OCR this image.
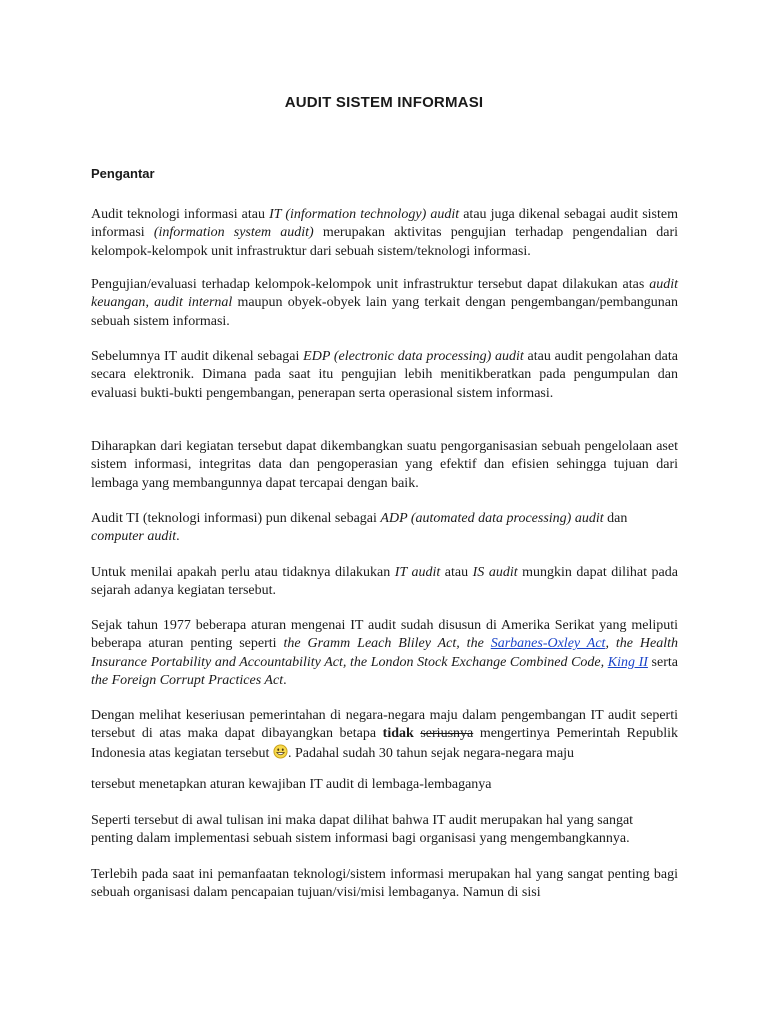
AUDIT SISTEM INFORMASI
Pengantar

Audit teknologi informasi atau IT (information technology) audit atau juga dikenal sebagai audit sistem informasi (information system audit) merupakan aktivitas pengujian terhadap pengendalian dari kelompok-kelompok unit infrastruktur dari sebuah sistem/teknologi informasi.

Pengujian/evaluasi terhadap kelompok-kelompok unit infrastruktur tersebut dapat dilakukan atas audit keuangan, audit internal maupun obyek-obyek lain yang terkait dengan pengembangan/pembangunan sebuah sistem informasi.

Sebelumnya IT audit dikenal sebagai EDP (electronic data processing) audit atau audit pengolahan data secara elektronik. Dimana pada saat itu pengujian lebih menitikberatkan pada pengumpulan dan evaluasi bukti-bukti pengembangan, penerapan serta operasional sistem informasi.

Diharapkan dari kegiatan tersebut dapat dikembangkan suatu pengorganisasian sebuah pengelolaan aset sistem informasi, integritas data dan pengoperasian yang efektif dan efisien sehingga tujuan dari lembaga yang membangunnya dapat tercapai dengan baik.

Audit TI (teknologi informasi) pun dikenal sebagai ADP (automated data processing) audit dan computer audit.

Untuk menilai apakah perlu atau tidaknya dilakukan IT audit atau IS audit mungkin dapat dilihat pada sejarah adanya kegiatan tersebut.

Sejak tahun 1977 beberapa aturan mengenai IT audit sudah disusun di Amerika Serikat yang meliputi beberapa aturan penting seperti the Gramm Leach Bliley Act, the Sarbanes-Oxley Act, the Health Insurance Portability and Accountability Act, the London Stock Exchange Combined Code, King II serta the Foreign Corrupt Practices Act.

Dengan melihat keseriusan pemerintahan di negara-negara maju dalam pengembangan IT audit seperti tersebut di atas maka dapat dibayangkan betapa tidak seriusnya mengertinya Pemerintah Republik Indonesia atas kegiatan tersebut . Padahal sudah 30 tahun sejak negara-negara maju

tersebut menetapkan aturan kewajiban IT audit di lembaga-lembaganya

Seperti tersebut di awal tulisan ini maka dapat dilihat bahwa IT audit merupakan hal yang sangat penting dalam implementasi sebuah sistem informasi bagi organisasi yang mengembangkannya.

Terlebih pada saat ini pemanfaatan teknologi/sistem informasi merupakan hal yang sangat penting bagi sebuah organisasi dalam pencapaian tujuan/visi/misi lembaganya. Namun di sisi
